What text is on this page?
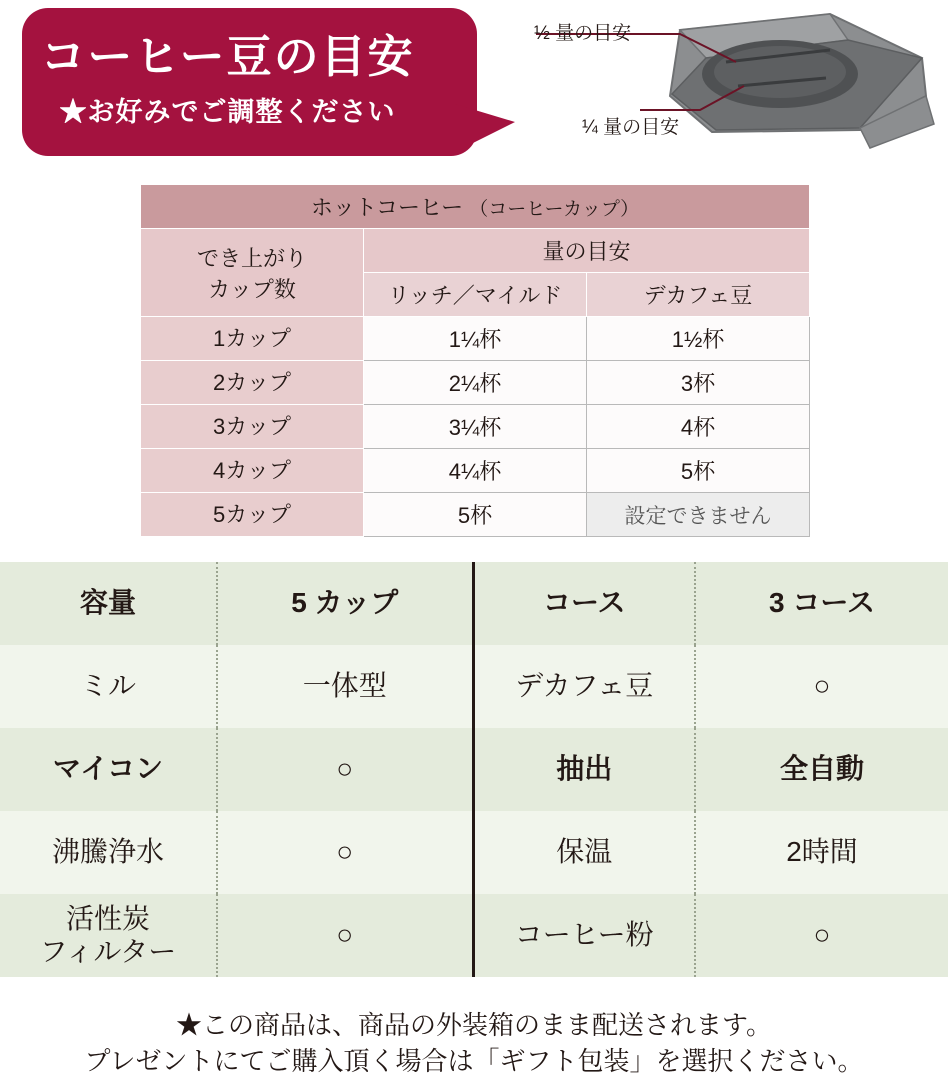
コーヒー豆の目安
★お好みでご調整ください
½ 量の目安
¼ 量の目安
ホットコーヒー （コーヒーカップ）		

でき上がり
カップ数	量の目安	
	リッチ／マイルド	デカフェ豆
1カップ	1¼杯	1½杯
2カップ	2¼杯	3杯
3カップ	3¼杯	4杯
4カップ	4¼杯	5杯
5カップ	5杯	設定できません
容量	5 カップ	コース	3 コース
ミル	一体型	デカフェ豆	○
マイコン	○	抽出	全自動
沸騰浄水	○	保温	2時間

活性炭
フィルター	○	コーヒー粉	○
★この商品は、商品の外装箱のまま配送されます。
プレゼントにてご購入頂く場合は「ギフト包装」を選択ください。
